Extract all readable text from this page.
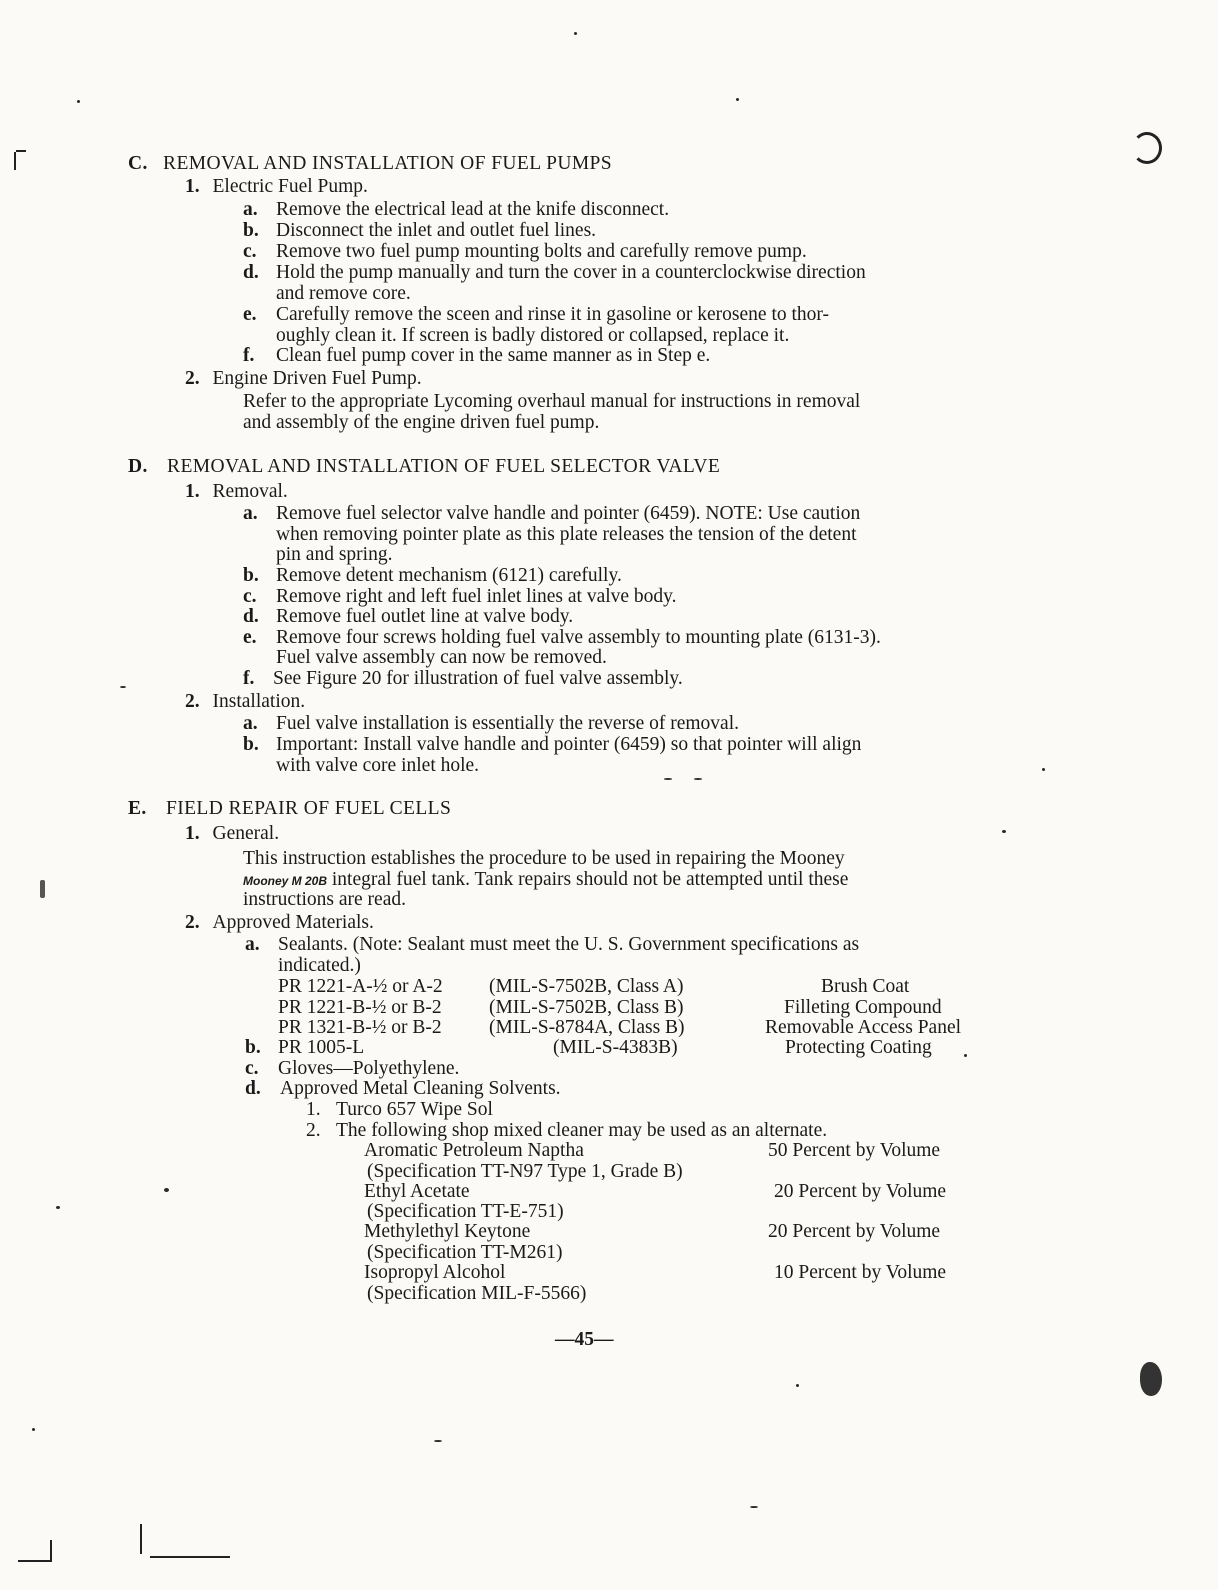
C. REMOVAL AND INSTALLATION OF FUEL PUMPS
1. Electric Fuel Pump.
a. Remove the electrical lead at the knife disconnect.
b. Disconnect the inlet and outlet fuel lines.
c. Remove two fuel pump mounting bolts and carefully remove pump.
d. Hold the pump manually and turn the cover in a counterclockwise direction
and remove core.
e. Carefully remove the sceen and rinse it in gasoline or kerosene to thor-
oughly clean it. If screen is badly distored or collapsed, replace it.
f. Clean fuel pump cover in the same manner as in Step e.
2. Engine Driven Fuel Pump.
Refer to the appropriate Lycoming overhaul manual for instructions in removal
and assembly of the engine driven fuel pump.
D. REMOVAL AND INSTALLATION OF FUEL SELECTOR VALVE
1. Removal.
a. Remove fuel selector valve handle and pointer (6459). NOTE: Use caution
when removing pointer plate as this plate releases the tension of the detent
pin and spring.
b. Remove detent mechanism (6121) carefully.
c. Remove right and left fuel inlet lines at valve body.
d. Remove fuel outlet line at valve body.
e. Remove four screws holding fuel valve assembly to mounting plate (6131-3).
Fuel valve assembly can now be removed.
f. See Figure 20 for illustration of fuel valve assembly.
2. Installation.
a. Fuel valve installation is essentially the reverse of removal.
b. Important: Install valve handle and pointer (6459) so that pointer will align
with valve core inlet hole.
E. FIELD REPAIR OF FUEL CELLS
1. General.
This instruction establishes the procedure to be used in repairing the Mooney
Mooney M 20B integral fuel tank. Tank repairs should not be attempted until these
instructions are read.
2. Approved Materials.
a. Sealants. (Note: Sealant must meet the U. S. Government specifications as
indicated.)
PR 1221-A-½ or A-2 (MIL-S-7502B, Class A)	Brush Coat
PR 1221-B-½ or B-2 (MIL-S-7502B, Class B)	Filleting Compound
PR 1321-B-½ or B-2 (MIL-S-8784A, Class B)	Removable Access Panel
b. PR 1005-L	(MIL-S-4383B)	Protecting Coating
c. Gloves—Polyethylene.
d. Approved Metal Cleaning Solvents.
1. Turco 657 Wipe Sol
2. The following shop mixed cleaner may be used as an alternate.
Aromatic Petroleum Naptha	50 Percent by Volume
(Specification TT-N97 Type 1, Grade B)
Ethyl Acetate	20 Percent by Volume
(Specification TT-E-751)
Methylethyl Keytone	20 Percent by Volume
(Specification TT-M261)
Isopropyl Alcohol	10 Percent by Volume
(Specification MIL-F-5566)
—45—
